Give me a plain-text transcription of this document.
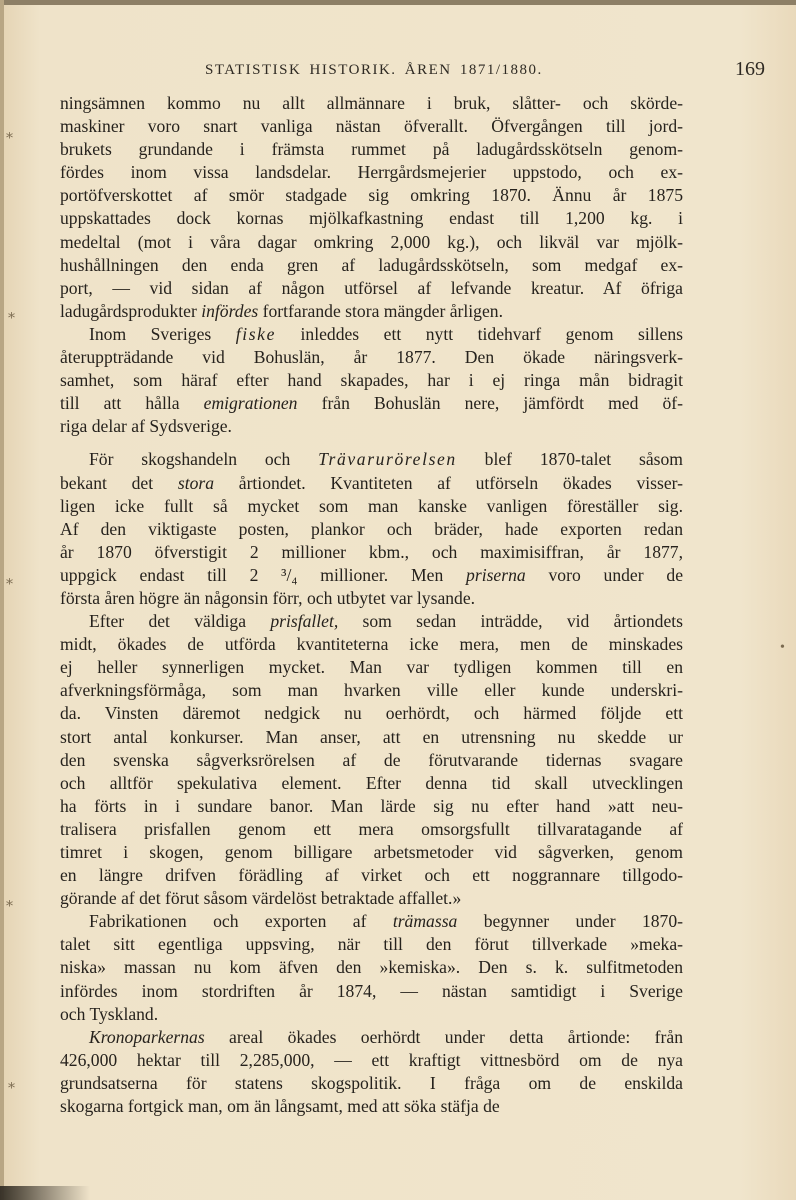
STATISTISK HISTORIK. ÅREN 1871/1880.	169
ningsämnen kommo nu allt allmännare i bruk, slåtter- och skörde-
maskiner voro snart vanliga nästan öfverallt. Öfvergången till jord-
brukets grundande i främsta rummet på ladugårdsskötseln genom-
fördes inom vissa landsdelar. Herrgårdsmejerier uppstodo, och ex-
portöfverskottet af smör stadgade sig omkring 1870. Ännu år 1875
uppskattades dock kornas mjölkafkastning endast till 1,200 kg. i
medeltal (mot i våra dagar omkring 2,000 kg.), och likväl var mjölk-
hushållningen den enda gren af ladugårdsskötseln, som medgaf ex-
port, — vid sidan af någon utförsel af lefvande kreatur. Af öfriga
ladugårdsprodukter infördes fortfarande stora mängder årligen.
Inom Sveriges fiske inleddes ett nytt tidehvarf genom sillens
återuppträdande vid Bohuslän, år 1877. Den ökade näringsverk-
samhet, som häraf efter hand skapades, har i ej ringa mån bidragit
till att hålla emigrationen från Bohuslän nere, jämfördt med öf-
riga delar af Sydsverige.
För skogshandeln och Trävarurörelsen blef 1870-talet såsom
bekant det stora årtiondet. Kvantiteten af utförseln ökades visser-
ligen icke fullt så mycket som man kanske vanligen föreställer sig.
Af den viktigaste posten, plankor och bräder, hade exporten redan
år 1870 öfverstigit 2 millioner kbm., och maximisiffran, år 1877,
uppgick endast till 2 ³/₄ millioner. Men priserna voro under de
första åren högre än någonsin förr, och utbytet var lysande.
Efter det väldiga prisfallet, som sedan inträdde, vid årtiondets
midt, ökades de utförda kvantiteterna icke mera, men de minskades
ej heller synnerligen mycket. Man var tydligen kommen till en
afverkningsförmåga, som man hvarken ville eller kunde underskri-
da. Vinsten däremot nedgick nu oerhördt, och härmed följde ett
stort antal konkurser. Man anser, att en utrensning nu skedde ur
den svenska sågverksrörelsen af de förutvarande tidernas svagare
och alltför spekulativa element. Efter denna tid skall utvecklingen
ha förts in i sundare banor. Man lärde sig nu efter hand »att neu-
tralisera prisfallen genom ett mera omsorgsfullt tillvaratagande af
timret i skogen, genom billigare arbetsmetoder vid sågverken, genom
en längre drifven förädling af virket och ett noggrannare tillgodo-
görande af det förut såsom värdelöst betraktade affallet.»
Fabrikationen och exporten af trämassa begynner under 1870-
talet sitt egentliga uppsving, när till den förut tillverkade »meka-
niska» massan nu kom äfven den »kemiska». Den s. k. sulfitmetoden
infördes inom stordriften år 1874, — nästan samtidigt i Sverige
och Tyskland.
Kronoparkernas areal ökades oerhördt under detta årtionde: från
426,000 hektar till 2,285,000, — ett kraftigt vittnesbörd om de nya
grundsatserna för statens skogspolitik. I fråga om de enskilda
skogarna fortgick man, om än långsamt, med att söka stäfja de
⁎
⁎
⁎
•
⁎
⁎
